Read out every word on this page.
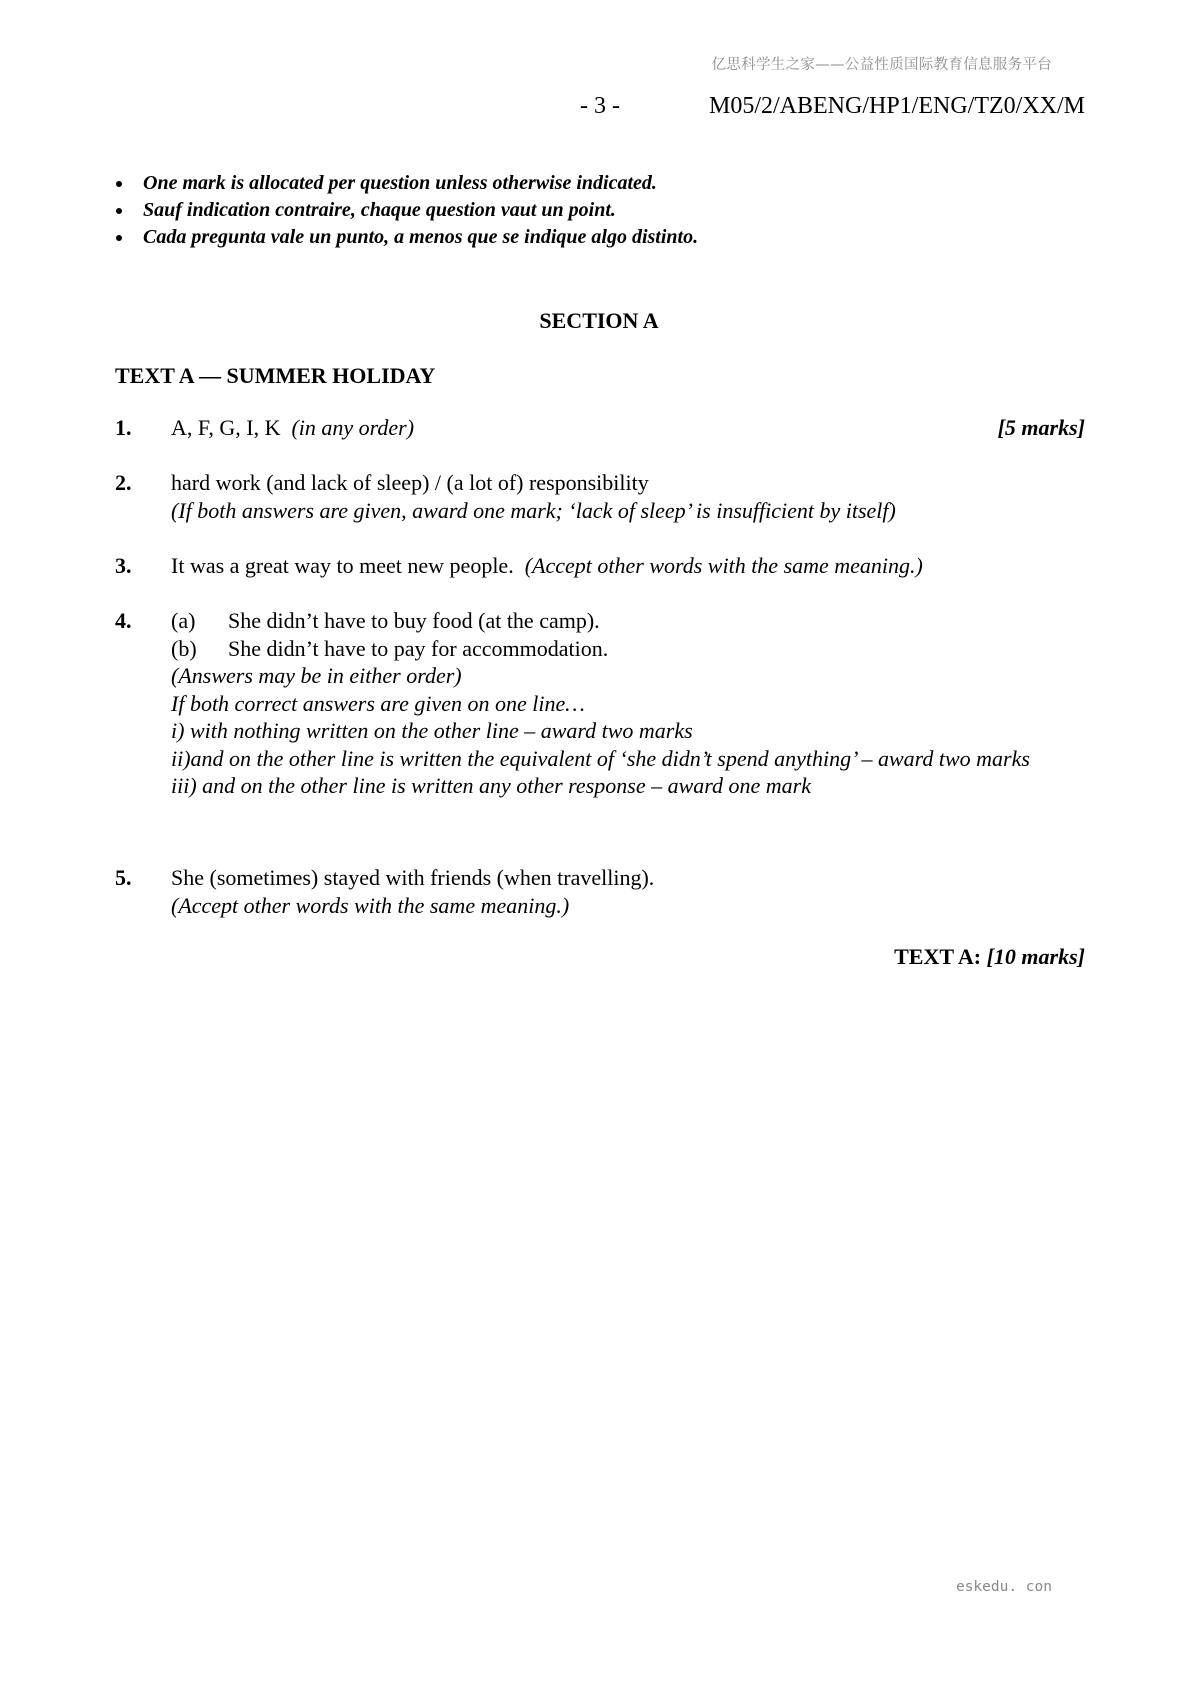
亿思科学生之家——公益性质国际教育信息服务平台
- 3 -	M05/2/ABENG/HP1/ENG/TZ0/XX/M
One mark is allocated per question unless otherwise indicated.
Sauf indication contraire, chaque question vaut un point.
Cada pregunta vale un punto, a menos que se indique algo distinto.
SECTION A
TEXT A — SUMMER HOLIDAY
1. A, F, G, I, K (in any order)	[5 marks]
2. hard work (and lack of sleep) / (a lot of) responsibility
(If both answers are given, award one mark; ‘lack of sleep’ is insufficient by itself)
3. It was a great way to meet new people. (Accept other words with the same meaning.)
4. (a) She didn’t have to buy food (at the camp).
(b) She didn’t have to pay for accommodation.
(Answers may be in either order)
If both correct answers are given on one line…
i) with nothing written on the other line – award two marks
ii)and on the other line is written the equivalent of ‘she didn’t spend anything’ – award two marks
iii) and on the other line is written any other response – award one mark
5. She (sometimes) stayed with friends (when travelling).
(Accept other words with the same meaning.)
TEXT A: [10 marks]
eskedu. con
